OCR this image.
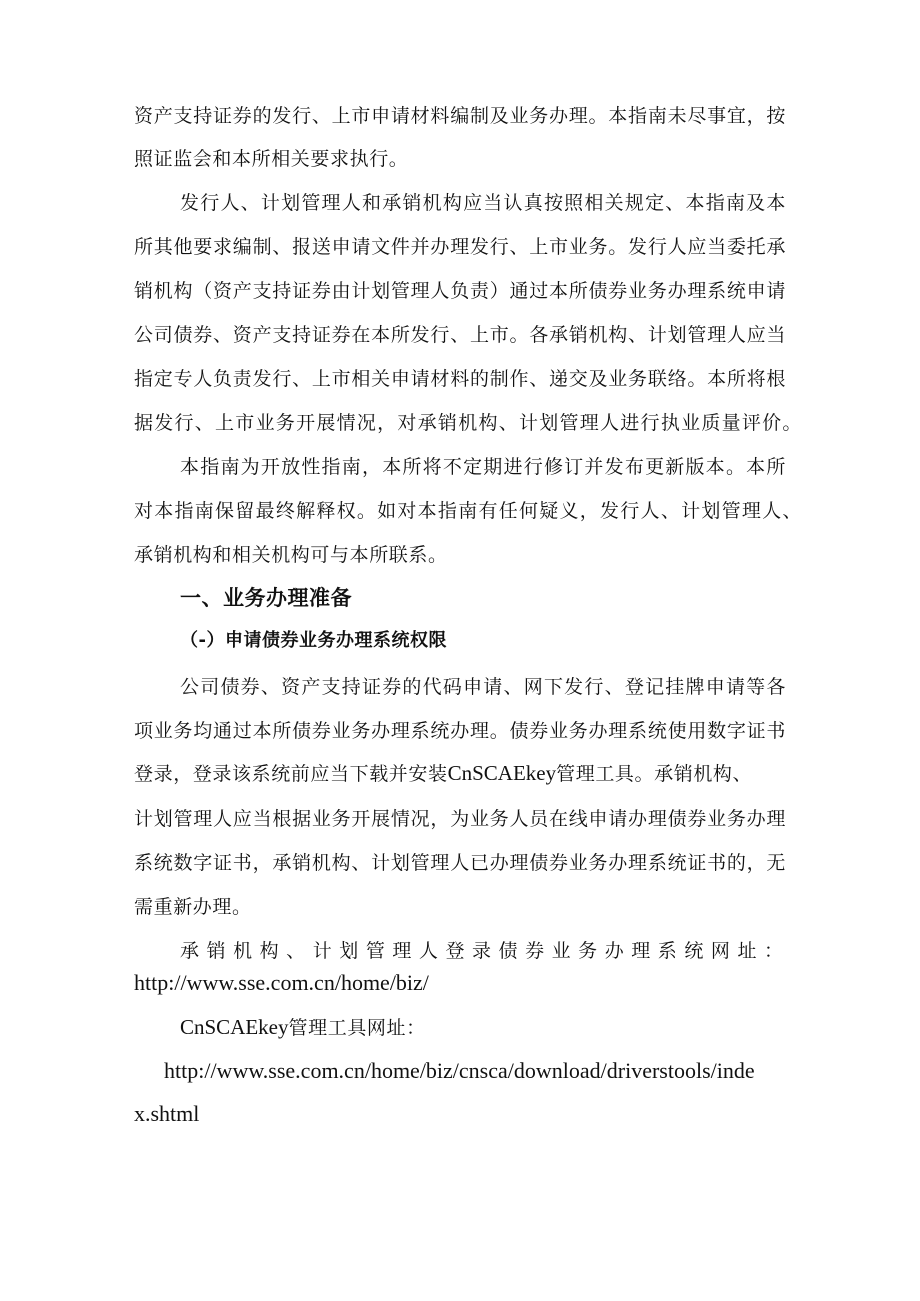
资产支持证券的发行、上市申请材料编制及业务办理。本指南未尽事宜，按
照证监会和本所相关要求执行。
发行人、计划管理人和承销机构应当认真按照相关规定、本指南及本
所其他要求编制、报送申请文件并办理发行、上市业务。发行人应当委托承
销机构（资产支持证券由计划管理人负责）通过本所债券业务办理系统申请
公司债券、资产支持证券在本所发行、上市。各承销机构、计划管理人应当
指定专人负责发行、上市相关申请材料的制作、递交及业务联络。本所将根
据发行、上市业务开展情况，对承销机构、计划管理人进行执业质量评价。
本指南为开放性指南，本所将不定期进行修订并发布更新版本。本所
对本指南保留最终解释权。如对本指南有任何疑义，发行人、计划管理人、
承销机构和相关机构可与本所联系。
一、业务办理准备
（-）申请债券业务办理系统权限
公司债券、资产支持证券的代码申请、网下发行、登记挂牌申请等各
项业务均通过本所债券业务办理系统办理。债券业务办理系统使用数字证书
登录，登录该系统前应当下载并安装CnSCAEkey管理工具。承销机构、
计划管理人应当根据业务开展情况，为业务人员在线申请办理债券业务办理
系统数字证书，承销机构、计划管理人已办理债券业务办理系统证书的，无
需重新办理。
承销机构、计划管理人登录债券业务办理系统网址：
http://www.sse.com.cn/home/biz/
CnSCAEkey管理工具网址：
http://www.sse.com.cn/home/biz/cnsca/download/driverstools/inde
x.shtml
